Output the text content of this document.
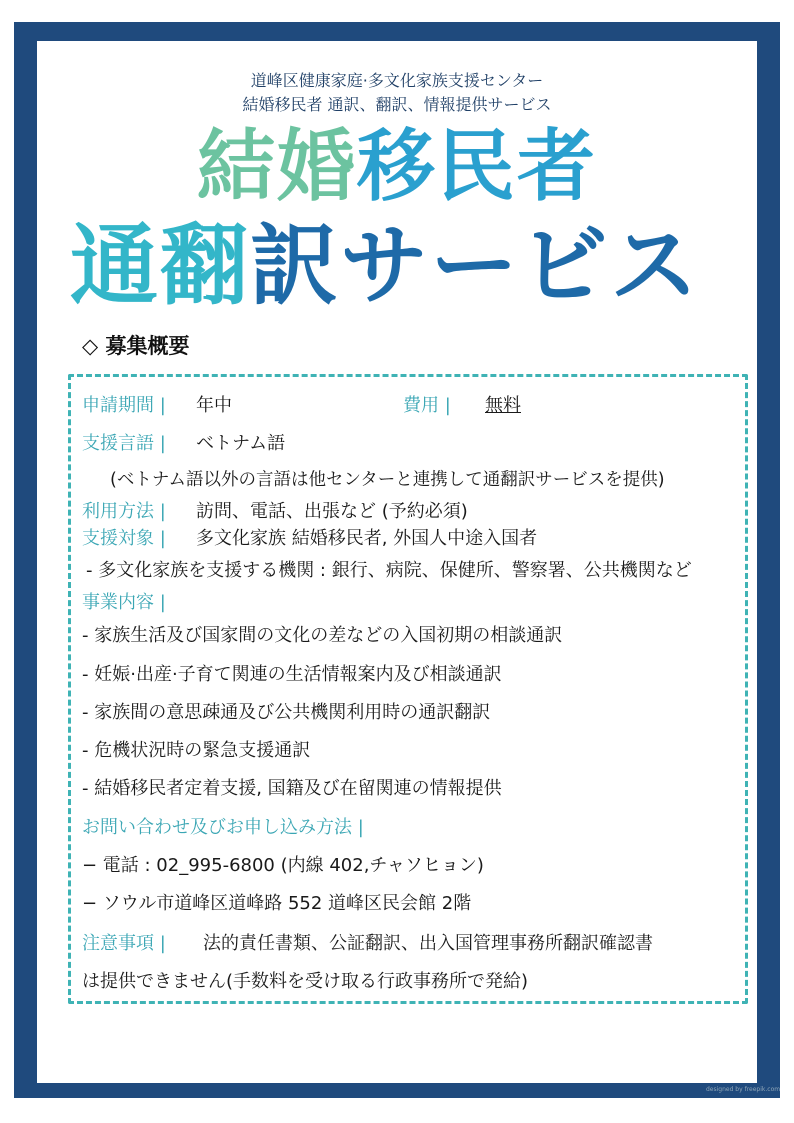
道峰区健康家庭·多文化家族支援センター
結婚移民者 通訳、翻訳、情報提供サービス
結婚移民者
通翻訳サービス
◇ 募集概要
申請期間 | 年中	費用 | 無料
支援言語 | ベトナム語
(ベトナム語以外の言語は他センターと連携して通翻訳サービスを提供)
利用方法 | 訪問、電話、出張など (予約必須)
支援対象 | 多文化家族 結婚移民者, 外国人中途入国者
- 多文化家族を支援する機関 : 銀行、病院、保健所、警察署、公共機関など
事業内容 |
- 家族生活及び国家間の文化の差などの入国初期の相談通訳
- 妊娠·出産·子育て関連の生活情報案内及び相談通訳
- 家族間の意思疎通及び公共機関利用時の通訳翻訳
- 危機状況時の緊急支援通訳
- 結婚移民者定着支援, 国籍及び在留関連の情報提供
お問い合わせ及びお申し込み方法 |
− 電話 : 02_995-6800 (内線 402,チャソヒョン)
− ソウル市道峰区道峰路 552 道峰区民会館 2階
注意事項 | 法的責任書類、公証翻訳、出入国管理事務所翻訳確認書
は提供できません(手数料を受け取る行政事務所で発給)
designed by freepik.com
